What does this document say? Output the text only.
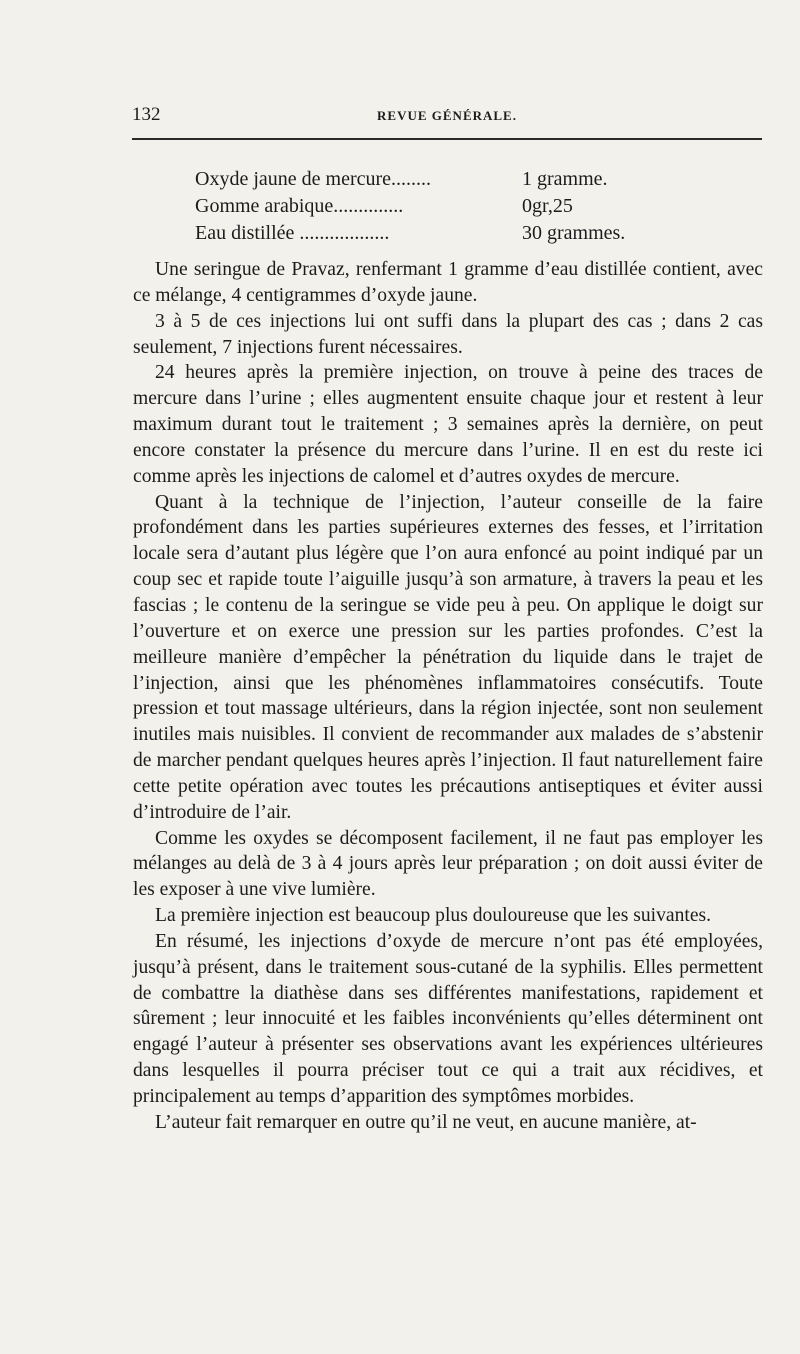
132	REVUE GÉNÉRALE.
Oxyde jaune de mercure........	1 gramme.
Gomme arabique..............	0gr,25
Eau distillée ..................	30 grammes.

Une seringue de Pravaz, renfermant 1 gramme d’eau distillée contient, avec ce mélange, 4 centigrammes d’oxyde jaune.

3 à 5 de ces injections lui ont suffi dans la plupart des cas ; dans 2 cas seulement, 7 injections furent nécessaires.

24 heures après la première injection, on trouve à peine des traces de mercure dans l’urine ; elles augmentent ensuite chaque jour et restent à leur maximum durant tout le traitement ; 3 semaines après la dernière, on peut encore constater la présence du mercure dans l’urine. Il en est du reste ici comme après les injections de calomel et d’autres oxydes de mercure.

Quant à la technique de l’injection, l’auteur conseille de la faire profondément dans les parties supérieures externes des fesses, et l’irritation locale sera d’autant plus légère que l’on aura enfoncé au point indiqué par un coup sec et rapide toute l’aiguille jusqu’à son armature, à travers la peau et les fascias ; le contenu de la seringue se vide peu à peu. On applique le doigt sur l’ouverture et on exerce une pression sur les parties profondes. C’est la meilleure manière d’empêcher la pénétration du liquide dans le trajet de l’injection, ainsi que les phénomènes inflammatoires consécutifs. Toute pression et tout massage ultérieurs, dans la région injectée, sont non seulement inutiles mais nuisibles. Il convient de recommander aux malades de s’abstenir de marcher pendant quelques heures après l’injection. Il faut naturellement faire cette petite opération avec toutes les précautions antiseptiques et éviter aussi d’introduire de l’air.

Comme les oxydes se décomposent facilement, il ne faut pas employer les mélanges au delà de 3 à 4 jours après leur préparation ; on doit aussi éviter de les exposer à une vive lumière.

La première injection est beaucoup plus douloureuse que les suivantes.

En résumé, les injections d’oxyde de mercure n’ont pas été employées, jusqu’à présent, dans le traitement sous-cutané de la syphilis. Elles permettent de combattre la diathèse dans ses différentes manifestations, rapidement et sûrement ; leur innocuité et les faibles inconvénients qu’elles déterminent ont engagé l’auteur à présenter ses observations avant les expériences ultérieures dans lesquelles il pourra préciser tout ce qui a trait aux récidives, et principalement au temps d’apparition des symptômes morbides.

L’auteur fait remarquer en outre qu’il ne veut, en aucune manière, at-
